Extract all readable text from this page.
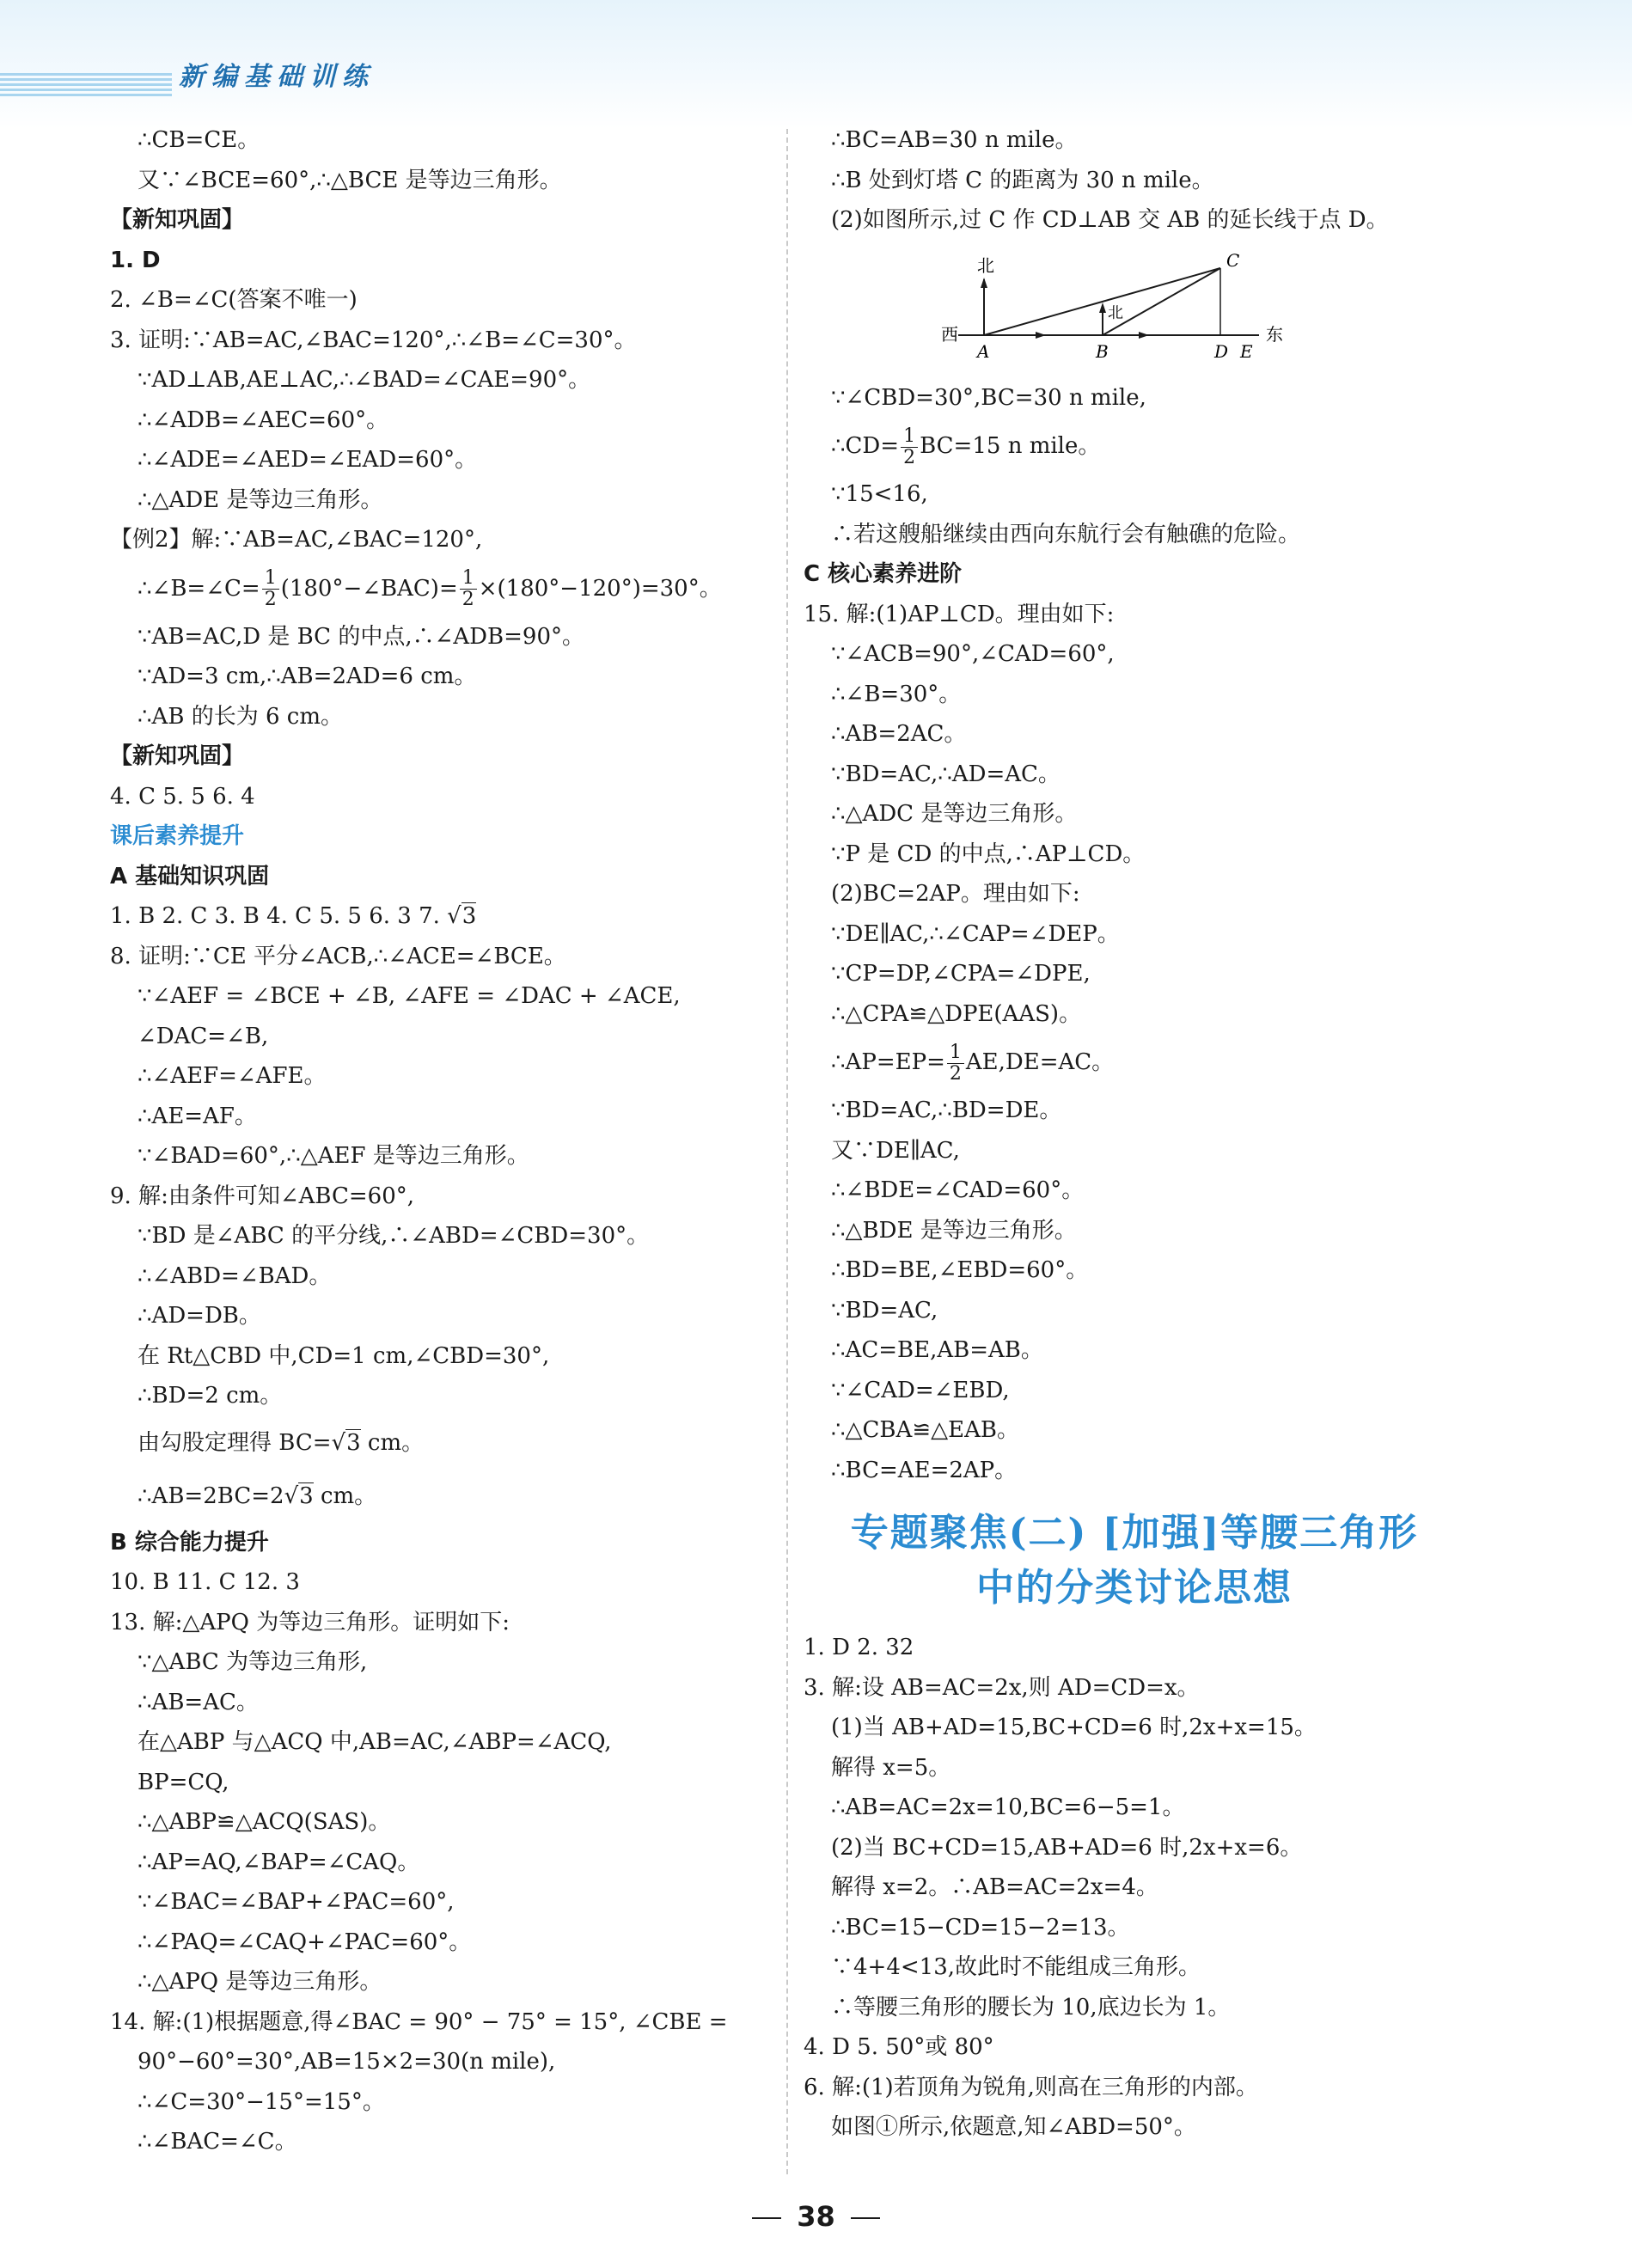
新编基础训练
∴CB=CE。
又∵∠BCE=60°,∴△BCE 是等边三角形。
【新知巩固】
1. D
2. ∠B=∠C(答案不唯一)
3. 证明:∵AB=AC,∠BAC=120°,∴∠B=∠C=30°。
∵AD⊥AB,AE⊥AC,∴∠BAD=∠CAE=90°。
∴∠ADB=∠AEC=60°。
∴∠ADE=∠AED=∠EAD=60°。
∴△ADE 是等边三角形。
【例2】解:∵AB=AC,∠BAC=120°,
∴∠B=∠C= $\frac{1}{2}$ (180°−∠BAC)= $\frac{1}{2} \times(180^\circ-120^\circ)=30^\circ$。
∵AB=AC,D 是 BC 的中点,∴∠ADB=90°。
∵AD=3 cm,∴AB=2AD=6 cm。
∴AB 的长为 6 cm。
【新知巩固】
4. C 5. 5 6. 4
课后素养提升
A 基础知识巩固
1. B 2. C 3. B 4. C 5. 5 6. 3 7. √3
8. 证明:∵CE 平分∠ACB,∴∠ACE=∠BCE。
∵∠AEF = ∠BCE + ∠B, ∠AFE = ∠DAC + ∠ACE,
∠DAC=∠B,
∴∠AEF=∠AFE。
∴AE=AF。
∵∠BAD=60°,∴△AEF 是等边三角形。
9. 解:由条件可知∠ABC=60°,
∵BD 是∠ABC 的平分线,∴∠ABD=∠CBD=30°。
∴∠ABD=∠BAD。
∴AD=DB。
在 Rt△CBD 中,CD=1 cm,∠CBD=30°,
∴BD=2 cm。
由勾股定理得 BC=√3 cm。
∴AB=2BC=2√3 cm。
B 综合能力提升
10. B 11. C 12. 3
13. 解:△APQ 为等边三角形。证明如下:
∵△ABC 为等边三角形,
∴AB=AC。
在△ABP 与△ACQ 中,AB=AC,∠ABP=∠ACQ,
BP=CQ,
∴△ABP≌△ACQ(SAS)。
∴AP=AQ,∠BAP=∠CAQ。
∵∠BAC=∠BAP+∠PAC=60°,
∴∠PAQ=∠CAQ+∠PAC=60°。
∴△APQ 是等边三角形。
14. 解:(1)根据题意,得∠BAC = 90° − 75° = 15°, ∠CBE =
90°−60°=30°,AB=15×2=30(n mile),
∴∠C=30°−15°=15°。
∴∠BAC=∠C。
∴BC=AB=30 n mile。
∴B 处到灯塔 C 的距离为 30 n mile。
(2)如图所示,过 C 作 CD⊥AB 交 AB 的延长线于点 D。
北
北
西	东
A	B
C
D E
∵∠CBD=30°,BC=30 n mile,
∴CD= $\frac{1}{2} BC=15$ n mile。
∵15<16,
∴若这艘船继续由西向东航行会有触礁的危险。
C 核心素养进阶
15. 解:(1)AP⊥CD。理由如下:
∵∠ACB=90°,∠CAD=60°,
∴∠B=30°。
∴AB=2AC。
∵BD=AC,∴AD=AC。
∴△ADC 是等边三角形。
∵P 是 CD 的中点,∴AP⊥CD。
(2)BC=2AP。理由如下:
∵DE∥AC,∴∠CAP=∠DEP。
∵CP=DP,∠CPA=∠DPE,
∴△CPA≌△DPE(AAS)。
∴AP=EP= $\frac{1}{2} AE,DE=AC$。
∵BD=AC,∴BD=DE。
又∵DE∥AC,
∴∠BDE=∠CAD=60°。
∴△BDE 是等边三角形。
∴BD=BE,∠EBD=60°。
∵BD=AC,
∴AC=BE,AB=AB。
∵∠CAD=∠EBD,
∴△CBA≌△EAB。
∴BC=AE=2AP。
专题聚焦(二) [加强]等腰三角形
中的分类讨论思想
1. D 2. 32
3. 解:设 AB=AC=2x,则 AD=CD=x。
(1)当 AB+AD=15,BC+CD=6 时,2x+x=15。
解得 x=5。
∴AB=AC=2x=10,BC=6−5=1。
(2)当 BC+CD=15,AB+AD=6 时,2x+x=6。
解得 x=2。∴AB=AC=2x=4。
∴BC=15−CD=15−2=13。
∵4+4<13,故此时不能组成三角形。
∴等腰三角形的腰长为 10,底边长为 1。
4. D 5. 50°或 80°
6. 解:(1)若顶角为锐角,则高在三角形的内部。
如图①所示,依题意,知∠ABD=50°。
38
